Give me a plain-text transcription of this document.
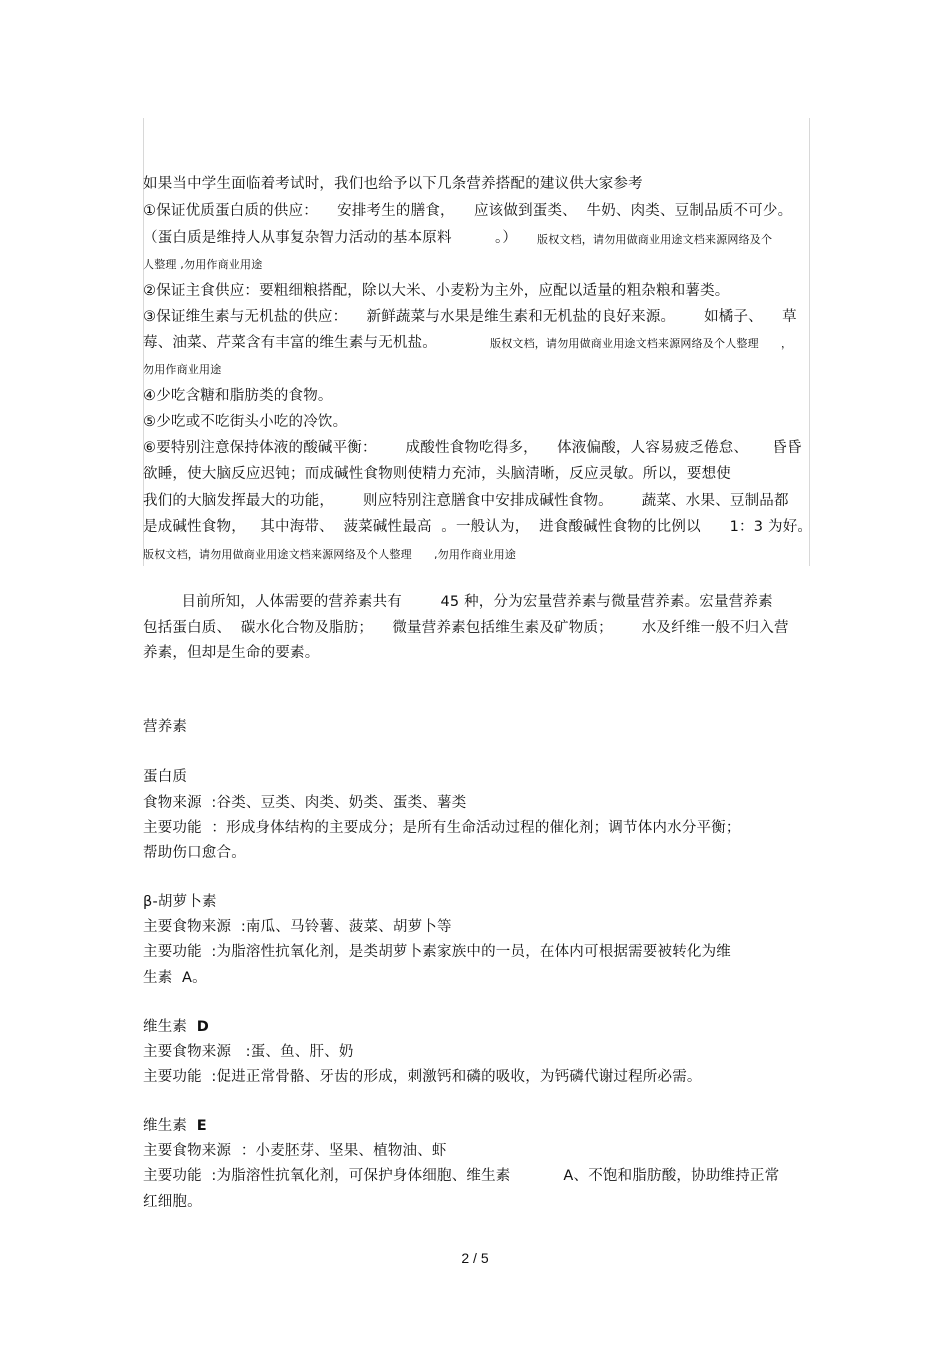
如果当中学生面临着考试时，我们也给予以下几条营养搭配的建议供大家参考
①保证优质蛋白质的供应：    安排考生的膳食，    应该做到蛋类、  牛奶、肉类、豆制品质不可少。
（蛋白质是维持人从事复杂智力活动的基本原料         。） 版权文档，请勿用做商业用途文档来源网络及个
人整理 ,勿用作商业用途
②保证主食供应：要粗细粮搭配，除以大米、小麦粉为主外，应配以适量的粗杂粮和薯类。
③保证维生素与无机盐的供应：    新鲜蔬菜与水果是维生素和无机盐的良好来源。      如橘子、    草
莓、油菜、芹菜含有丰富的维生素与无机盐。	版权文档，请勿用做商业用途文档来源网络及个人整理      ，
勿用作商业用途
④少吃含糖和脂肪类的食物。
⑤少吃或不吃街头小吃的冷饮。
⑥要特别注意保持体液的酸碱平衡：      成酸性食物吃得多，    体液偏酸，人容易疲乏倦怠、     昏昏
欲睡，使大脑反应迟钝；而成碱性食物则使精力充沛，头脑清晰，反应灵敏。所以，要想使
我们的大脑发挥最大的功能，      则应特别注意膳食中安排成碱性食物。      蔬菜、水果、豆制品都
是成碱性食物，   其中海带、  菠菜碱性最高  。一般认为，  进食酸碱性食物的比例以      1：3 为好。
版权文档，请勿用做商业用途文档来源网络及个人整理      ,勿用作商业用途
目前所知，人体需要的营养素共有        45 种，分为宏量营养素与微量营养素。宏量营养素
包括蛋白质、  碳水化合物及脂肪；    微量营养素包括维生素及矿物质；      水及纤维一般不归入营
养素，但却是生命的要素。
营养素
蛋白质
食物来源  :谷类、豆类、肉类、奶类、蛋类、薯类
主要功能  ：形成身体结构的主要成分；是所有生命活动过程的催化剂；调节体内水分平衡；
帮助伤口愈合。
β-胡萝卜素
主要食物来源  :南瓜、马铃薯、菠菜、胡萝卜等
主要功能  :为脂溶性抗氧化剂，是类胡萝卜素家族中的一员，在体内可根据需要被转化为维
生素  A。
维生素  D
主要食物来源   :蛋、鱼、肝、奶
主要功能  :促进正常骨骼、牙齿的形成，刺激钙和磷的吸收，为钙磷代谢过程所必需。
维生素  E
主要食物来源  ：小麦胚芽、坚果、植物油、虾
主要功能  :为脂溶性抗氧化剂，可保护身体细胞、维生素           A、不饱和脂肪酸，协助维持正常
红细胞。
2 / 5
